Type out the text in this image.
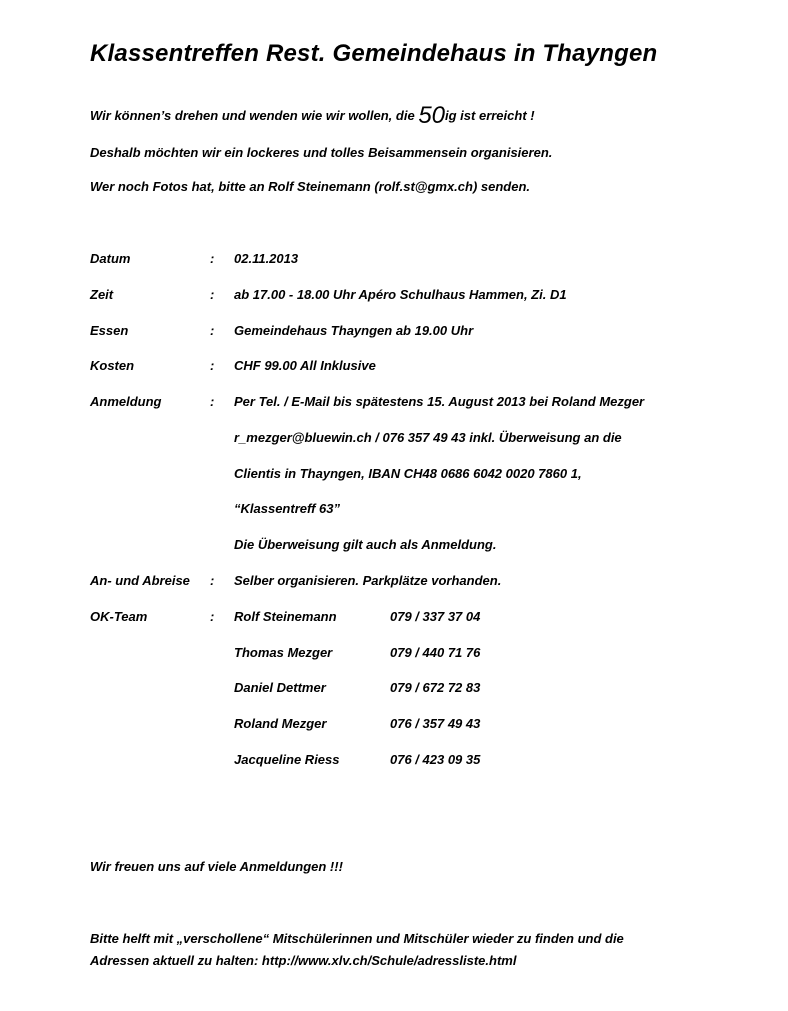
Klassentreffen Rest. Gemeindehaus in Thayngen
Wir können’s drehen und wenden wie wir wollen, die 50ig ist erreicht !
Deshalb möchten wir ein lockeres und tolles Beisammensein organisieren.
Wer noch Fotos hat, bitte an Rolf Steinemann (rolf.st@gmx.ch) senden.
Datum	: 02.11.2013
Zeit	: ab 17.00 - 18.00 Uhr Apéro Schulhaus Hammen, Zi. D1
Essen	: Gemeindehaus Thayngen ab 19.00 Uhr
Kosten	: CHF 99.00 All Inklusive
Anmeldung	: Per Tel. / E-Mail bis spätestens 15. August 2013 bei Roland Mezger
r_mezger@bluewin.ch / 076 357 49 43 inkl. Überweisung an die
Clientis in Thayngen, IBAN CH48 0686 6042 0020 7860 1,
“Klassentreff 63”
Die Überweisung gilt auch als Anmeldung.
An- und Abreise : Selber organisieren. Parkplätze vorhanden.
OK-Team	: Rolf Steinemann	079 / 337 37 04
Thomas Mezger	079 / 440 71 76
Daniel Dettmer	079 / 672 72 83
Roland Mezger	076 / 357 49 43
Jacqueline Riess	076 / 423 09 35
Wir freuen uns auf viele Anmeldungen !!!
Bitte helft mit „verschollene“ Mitschülerinnen und Mitschüler wieder zu finden und die
Adressen aktuell zu halten: http://www.xlv.ch/Schule/adressliste.html
